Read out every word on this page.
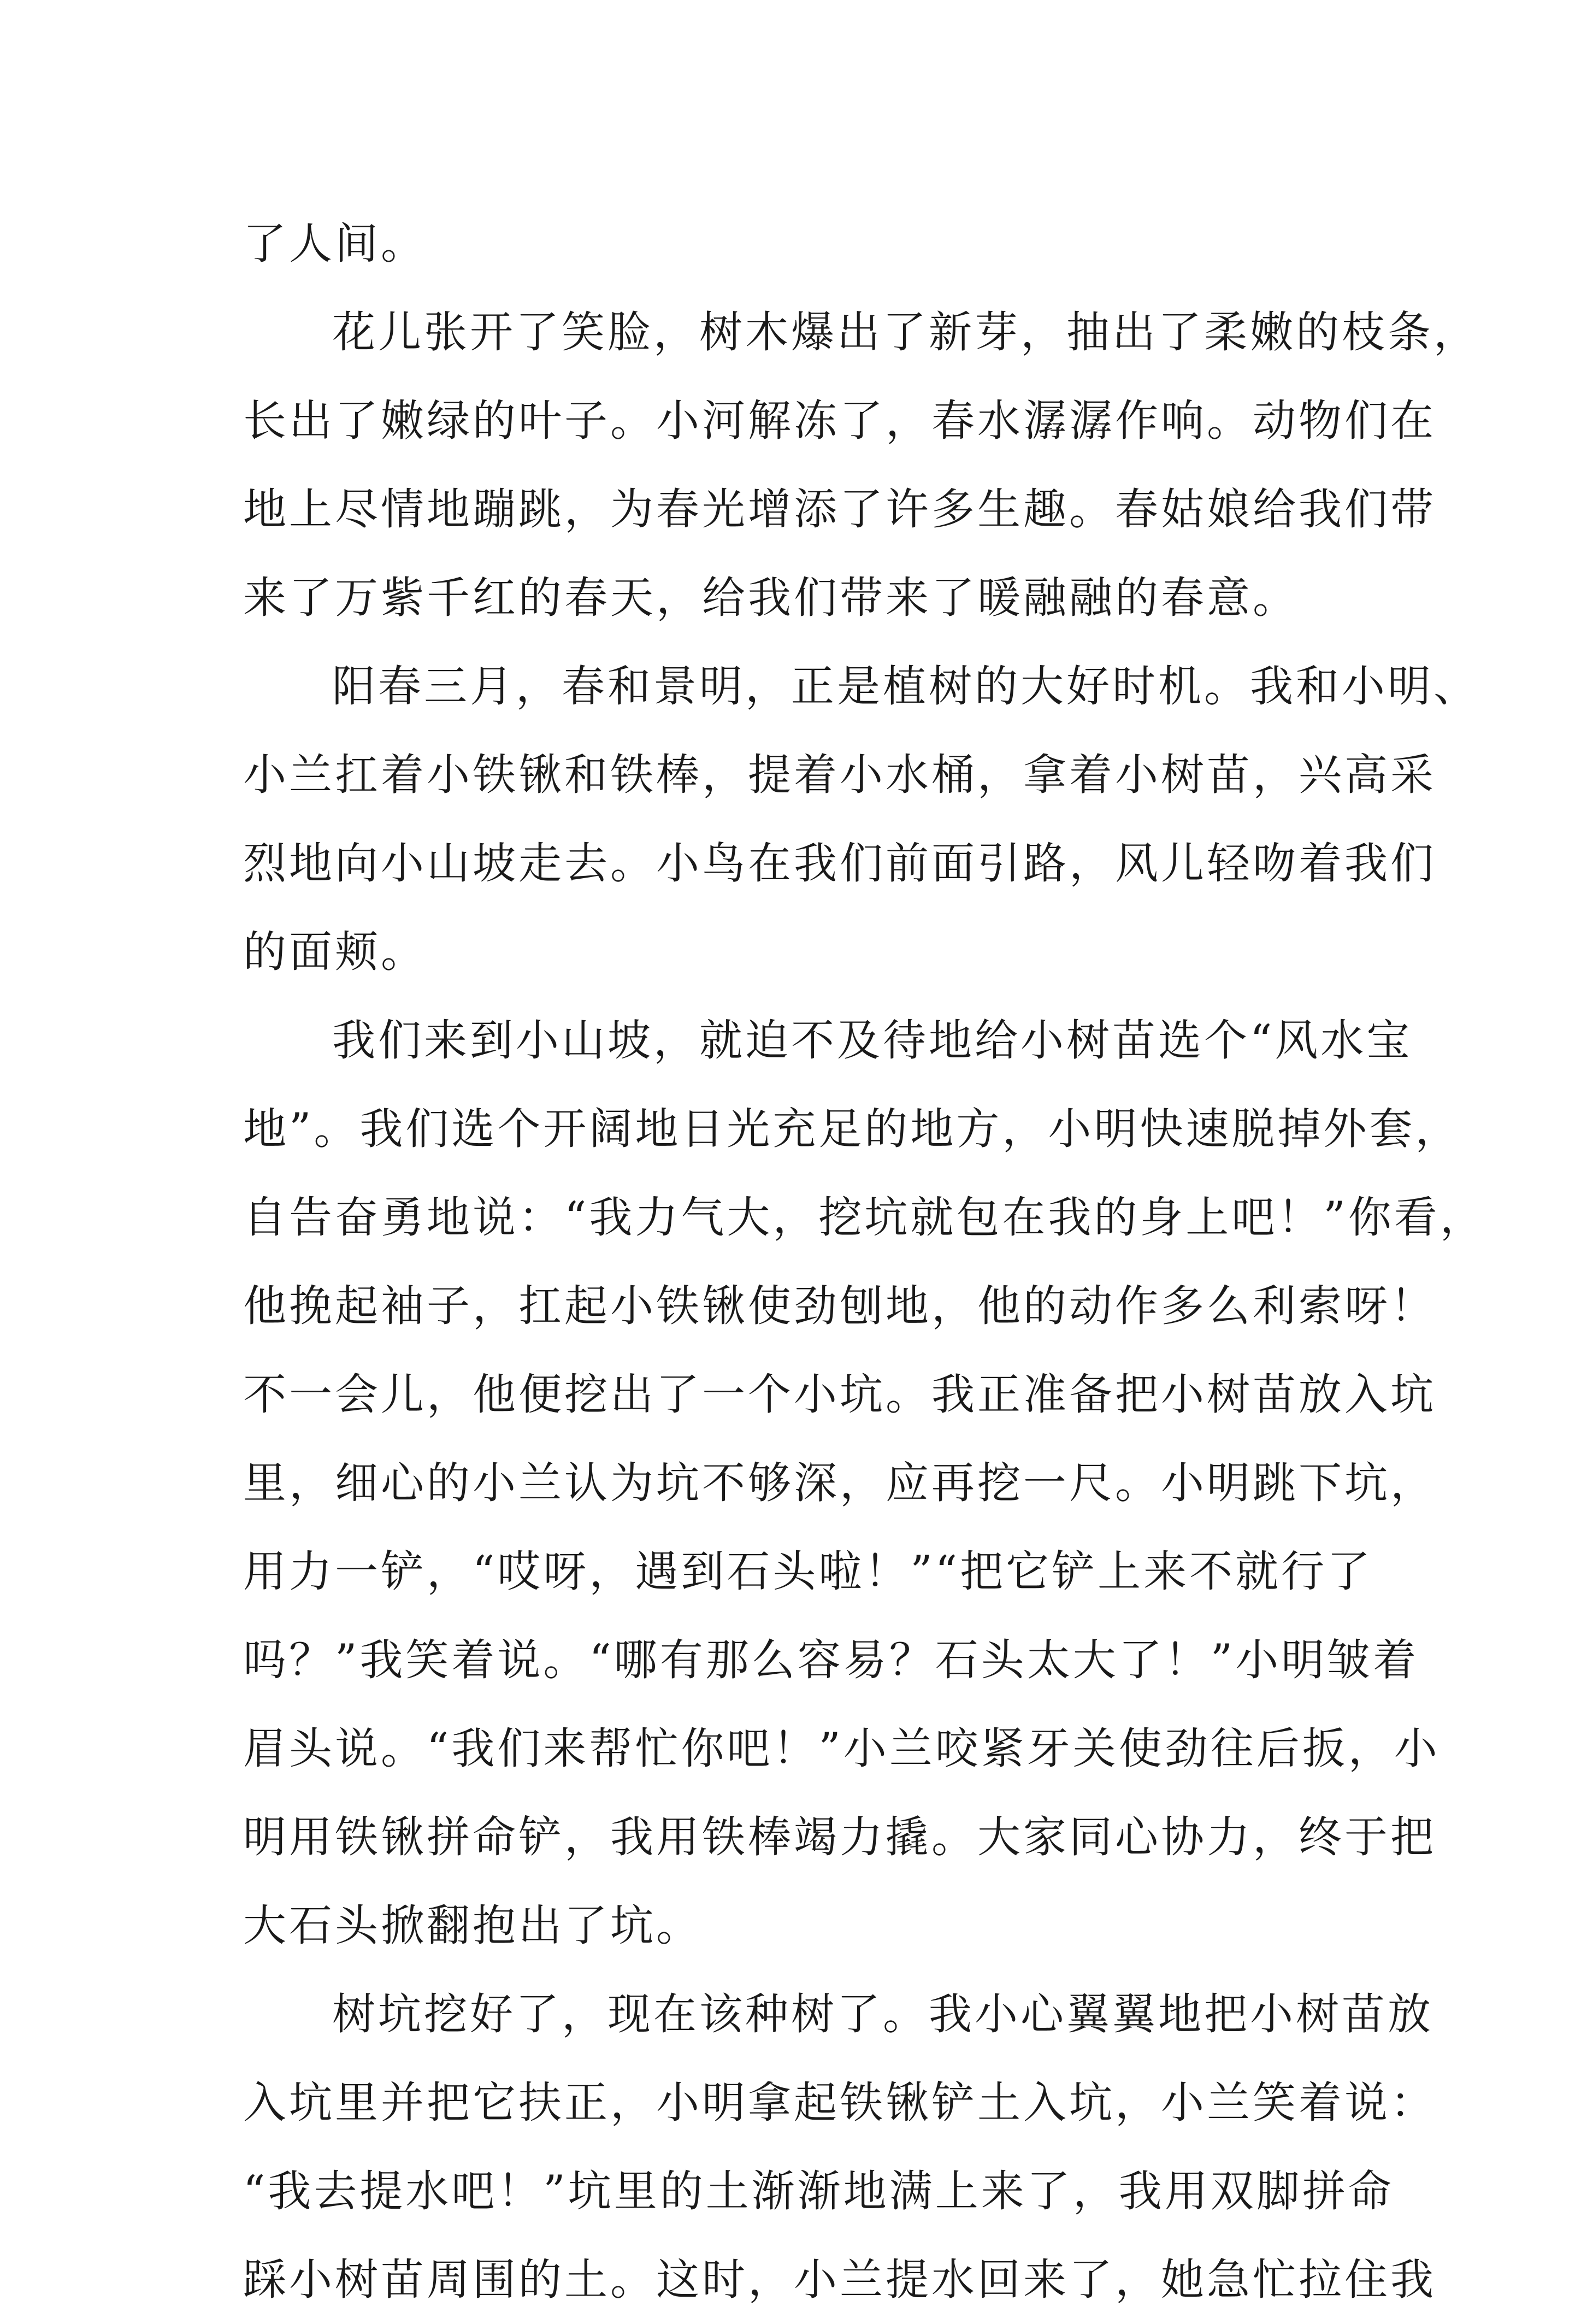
了人间。
花儿张开了笑脸，树木爆出了新芽，抽出了柔嫩的枝条，
长出了嫩绿的叶子。小河解冻了，春水潺潺作响。动物们在
地上尽情地蹦跳，为春光增添了许多生趣。春姑娘给我们带
来了万紫千红的春天，给我们带来了暖融融的春意。
阳春三月，春和景明，正是植树的大好时机。我和小明、
小兰扛着小铁锹和铁棒，提着小水桶，拿着小树苗，兴高采
烈地向小山坡走去。小鸟在我们前面引路，风儿轻吻着我们
的面颊。
我们来到小山坡，就迫不及待地给小树苗选个“风水宝
地”。我们选个开阔地日光充足的地方，小明快速脱掉外套，
自告奋勇地说：“我力气大，挖坑就包在我的身上吧！”你看，
他挽起袖子，扛起小铁锹使劲刨地，他的动作多么利索呀！
不一会儿，他便挖出了一个小坑。我正准备把小树苗放入坑
里，细心的小兰认为坑不够深，应再挖一尺。小明跳下坑，
用力一铲，“哎呀，遇到石头啦！”“把它铲上来不就行了
吗？”我笑着说。“哪有那么容易？石头太大了！”小明皱着
眉头说。“我们来帮忙你吧！”小兰咬紧牙关使劲往后扳，小
明用铁锹拼命铲，我用铁棒竭力撬。大家同心协力，终于把
大石头掀翻抱出了坑。
树坑挖好了，现在该种树了。我小心翼翼地把小树苗放
入坑里并把它扶正，小明拿起铁锹铲土入坑，小兰笑着说：
“我去提水吧！”坑里的土渐渐地满上来了，我用双脚拼命
踩小树苗周围的土。这时，小兰提水回来了，她急忙拉住我
